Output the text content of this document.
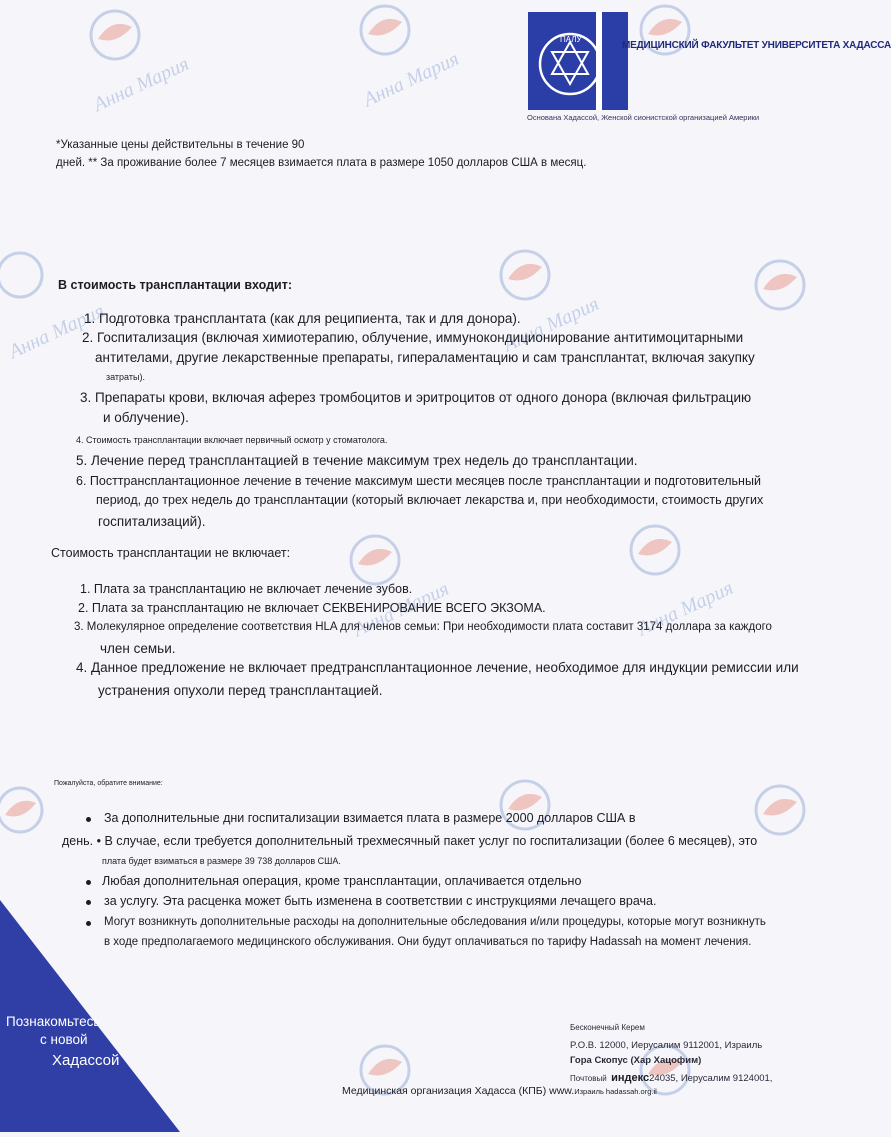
Анна Мария	Анна Мария
Анна Мария	Анна Мария
Анна Мария	Анна Мария
ПАЛУ
МЕДИЦИНСКИЙ ФАКУЛЬТЕТ УНИВЕРСИТЕТА ХАДАССА
Основана Хадассой, Женской сионистской организацией Америки
*Указанные цены действительны в течение 90
дней. ** За проживание более 7 месяцев взимается плата в размере 1050 долларов США в месяц.
В стоимость трансплантации входит:
1. Подготовка трансплантата (как для реципиента, так и для донора).
2. Госпитализация (включая химиотерапию, облучение, иммунокондиционирование антитимоцитарными
антителами, другие лекарственные препараты, гипераламентацию и сам трансплантат, включая закупку
затраты).
3. Препараты крови, включая аферез тромбоцитов и эритроцитов от одного донора (включая фильтрацию
и облучение).
4. Стоимость трансплантации включает первичный осмотр у стоматолога.
5. Лечение перед трансплантацией в течение максимум трех недель до трансплантации.
6. Посттрансплантационное лечение в течение максимум шести месяцев после трансплантации и подготовительный
период, до трех недель до трансплантации (который включает лекарства и, при необходимости, стоимость других
госпитализаций).
Стоимость трансплантации не включает:
1. Плата за трансплантацию не включает лечение зубов.
2. Плата за трансплантацию не включает СЕКВЕНИРОВАНИЕ ВСЕГО ЭКЗОМА.
3. Молекулярное определение соответствия HLA для членов семьи: При необходимости плата составит 3174 доллара за каждого
член семьи.
4. Данное предложение не включает предтрансплантационное лечение, необходимое для индукции ремиссии или
устранения опухоли перед трансплантацией.
Пожалуйста, обратите внимание:
За дополнительные дни госпитализации взимается плата в размере 2000 долларов США в
день. • В случае, если требуется дополнительный трехмесячный пакет услуг по госпитализации (более 6 месяцев), это
плата будет взиматься в размере 39 738 долларов США.
Любая дополнительная операция, кроме трансплантации, оплачивается отдельно
за услугу. Эта расценка может быть изменена в соответствии с инструкциями лечащего врача.
Могут возникнуть дополнительные расходы на дополнительные обследования и/или процедуры, которые могут возникнуть
в ходе предполагаемого медицинского обслуживания. Они будут оплачиваться по тарифу Hadassah на момент лечения.
Познакомьтесь
с новой
Хадассой
Бесконечный Керем
P.O.B. 12000, Иерусалим 9112001, Израиль
Гора Скопус (Хар Хацофим)
Почтовый индекс24035, Иерусалим 9124001,
Медицинская организация Хадасса (КПБ) www.Израиль hadassah.org.il
